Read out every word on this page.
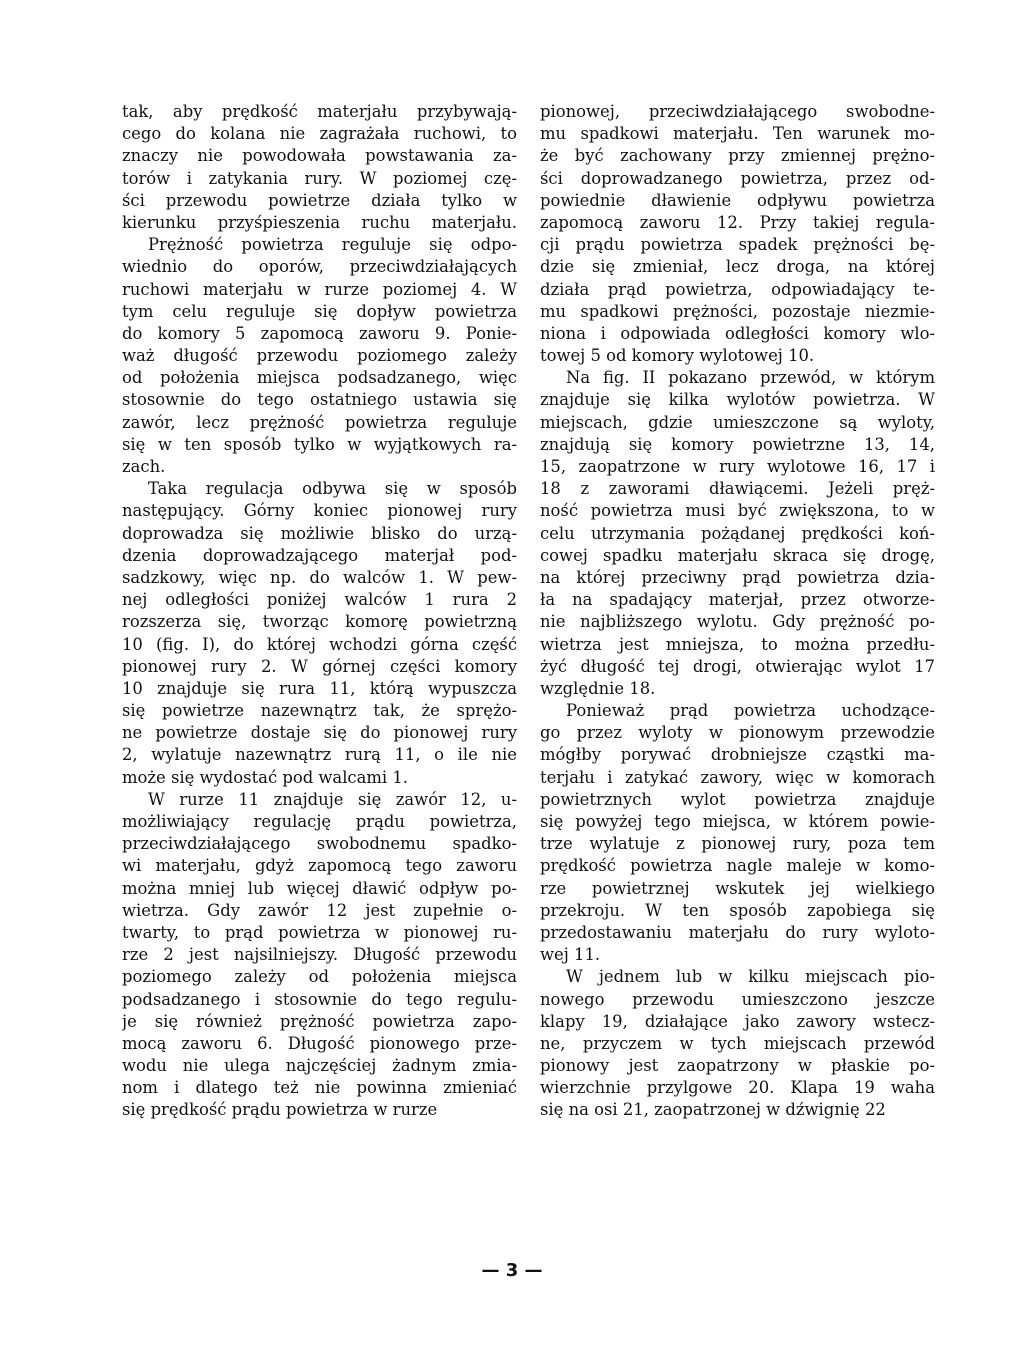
tak, aby prędkość materjału przybywają-
cego do kolana nie zagrażała ruchowi, to
znaczy nie powodowała powstawania za-
torów i zatykania rury. W poziomej czę-
ści przewodu powietrze działa tylko w
kierunku przyśpieszenia ruchu materjału.
Prężność powietrza reguluje się odpo-
wiednio do oporów, przeciwdziałających
ruchowi materjału w rurze poziomej 4. W
tym celu reguluje się dopływ powietrza
do komory 5 zapomocą zaworu 9. Ponie-
waż długość przewodu poziomego zależy
od położenia miejsca podsadzanego, więc
stosownie do tego ostatniego ustawia się
zawór, lecz prężność powietrza reguluje
się w ten sposób tylko w wyjątkowych ra-
zach.
Taka regulacja odbywa się w sposób
następujący. Górny koniec pionowej rury
doprowadza się możliwie blisko do urzą-
dzenia doprowadzającego materjał pod-
sadzkowy, więc np. do walców 1. W pew-
nej odległości poniżej walców 1 rura 2
rozszerza się, tworząc komorę powietrzną
10 (fig. I), do której wchodzi górna część
pionowej rury 2. W górnej części komory
10 znajduje się rura 11, którą wypuszcza
się powietrze nazewnątrz tak, że sprężo-
ne powietrze dostaje się do pionowej rury
2, wylatuje nazewnątrz rurą 11, o ile nie
może się wydostać pod walcami 1.
W rurze 11 znajduje się zawór 12, u-
możliwiający regulację prądu powietrza,
przeciwdziałającego swobodnemu spadko-
wi materjału, gdyż zapomocą tego zaworu
można mniej lub więcej dławić odpływ po-
wietrza. Gdy zawór 12 jest zupełnie o-
twarty, to prąd powietrza w pionowej ru-
rze 2 jest najsilniejszy. Długość przewodu
poziomego zależy od położenia miejsca
podsadzanego i stosownie do tego regulu-
je się również prężność powietrza zapo-
mocą zaworu 6. Długość pionowego prze-
wodu nie ulega najczęściej żadnym zmia-
nom i dlatego też nie powinna zmieniać
się prędkość prądu powietrza w rurze
pionowej, przeciwdziałającego swobodne-
mu spadkowi materjału. Ten warunek mo-
że być zachowany przy zmiennej prężno-
ści doprowadzanego powietrza, przez od-
powiednie dławienie odpływu powietrza
zapomocą zaworu 12. Przy takiej regula-
cji prądu powietrza spadek prężności bę-
dzie się zmieniał, lecz droga, na której
działa prąd powietrza, odpowiadający te-
mu spadkowi prężności, pozostaje niezmie-
niona i odpowiada odległości komory wlo-
towej 5 od komory wylotowej 10.
Na fig. II pokazano przewód, w którym
znajduje się kilka wylotów powietrza. W
miejscach, gdzie umieszczone są wyloty,
znajdują się komory powietrzne 13, 14,
15, zaopatrzone w rury wylotowe 16, 17 i
18 z zaworami dławiącemi. Jeżeli pręż-
ność powietrza musi być zwiększona, to w
celu utrzymania pożądanej prędkości koń-
cowej spadku materjału skraca się drogę,
na której przeciwny prąd powietrza dzia-
ła na spadający materjał, przez otworze-
nie najbliższego wylotu. Gdy prężność po-
wietrza jest mniejsza, to można przedłu-
żyć długość tej drogi, otwierając wylot 17
względnie 18.
Ponieważ prąd powietrza uchodzące-
go przez wyloty w pionowym przewodzie
mógłby porywać drobniejsze cząstki ma-
terjału i zatykać zawory, więc w komorach
powietrznych wylot powietrza znajduje
się powyżej tego miejsca, w którem powie-
trze wylatuje z pionowej rury, poza tem
prędkość powietrza nagle maleje w komo-
rze powietrznej wskutek jej wielkiego
przekroju. W ten sposób zapobiega się
przedostawaniu materjału do rury wyloto-
wej 11.
W jednem lub w kilku miejscach pio-
nowego przewodu umieszczono jeszcze
klapy 19, działające jako zawory wstecz-
ne, przyczem w tych miejscach przewód
pionowy jest zaopatrzony w płaskie po-
wierzchnie przylgowe 20. Klapa 19 waha
się na osi 21, zaopatrzonej w dźwignię 22
— 3 —
